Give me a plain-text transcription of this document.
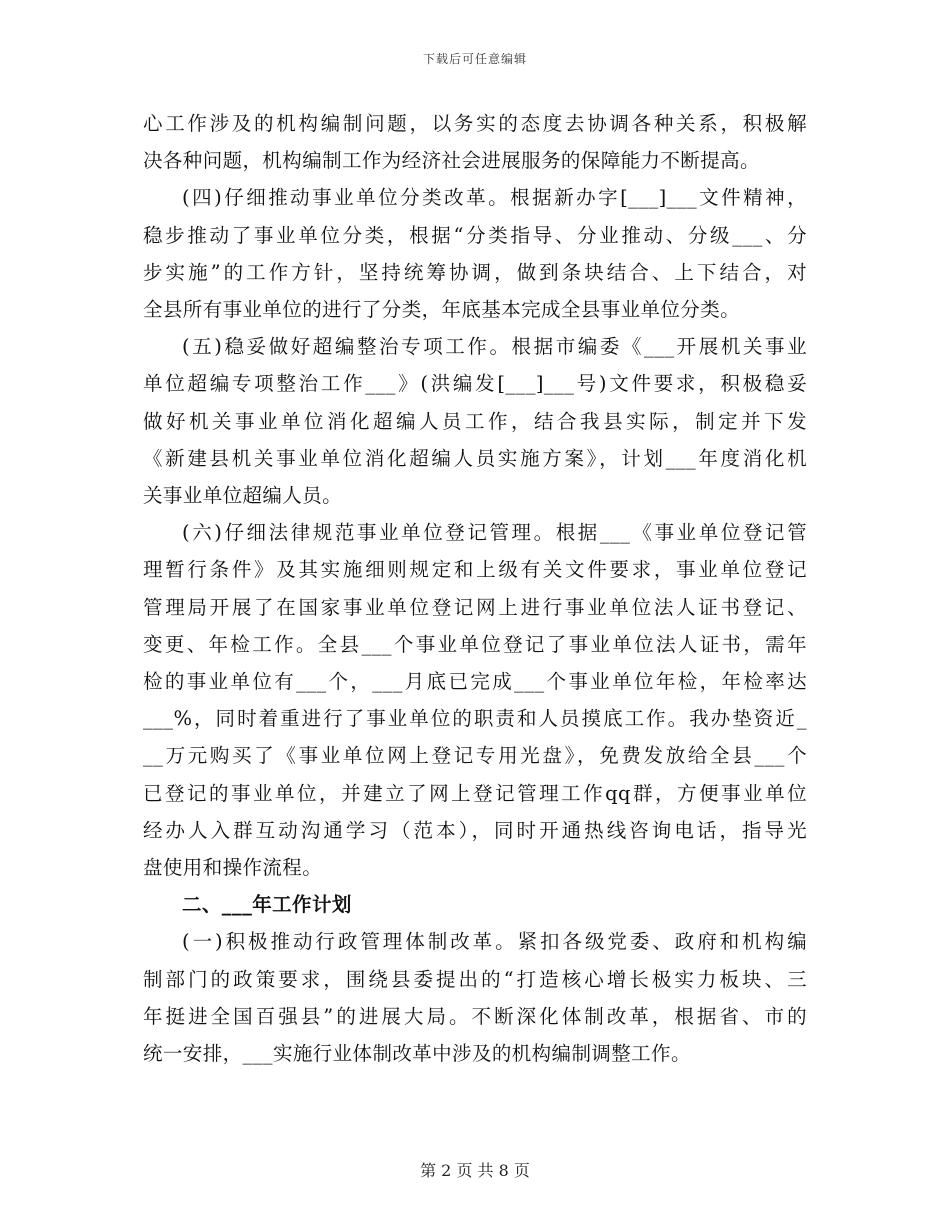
下载后可任意编辑

心工作涉及的机构编制问题，以务实的态度去协调各种关系，积极解

决各种问题，机构编制工作为经济社会进展服务的保障能力不断提高。

(四)仔细推动事业单位分类改革。根据新办字[___]___文件精神，

稳步推动了事业单位分类，根据“分类指导、分业推动、分级___、分

步实施”的工作方针，坚持统筹协调，做到条块结合、上下结合，对

全县所有事业单位的进行了分类，年底基本完成全县事业单位分类。

(五)稳妥做好超编整治专项工作。根据市编委《___开展机关事业

单位超编专项整治工作___》(洪编发[___]___号)文件要求，积极稳妥

做好机关事业单位消化超编人员工作，结合我县实际，制定并下发

《新建县机关事业单位消化超编人员实施方案》，计划___年度消化机

关事业单位超编人员。

(六)仔细法律规范事业单位登记管理。根据___《事业单位登记管

理暂行条件》及其实施细则规定和上级有关文件要求，事业单位登记

管理局开展了在国家事业单位登记网上进行事业单位法人证书登记、

变更、年检工作。全县___个事业单位登记了事业单位法人证书，需年

检的事业单位有___个，___月底已完成___个事业单位年检，年检率达

___%，同时着重进行了事业单位的职责和人员摸底工作。我办垫资近_

__万元购买了《事业单位网上登记专用光盘》，免费发放给全县___个

已登记的事业单位，并建立了网上登记管理工作qq群，方便事业单位

经办人入群互动沟通学习（范本），同时开通热线咨询电话，指导光

盘使用和操作流程。

二、___年工作计划

(一)积极推动行政管理体制改革。紧扣各级党委、政府和机构编

制部门的政策要求，围绕县委提出的“打造核心增长极实力板块、三

年挺进全国百强县”的进展大局。不断深化体制改革，根据省、市的

统一安排，___实施行业体制改革中涉及的机构编制调整工作。

第 2 页 共 8 页
